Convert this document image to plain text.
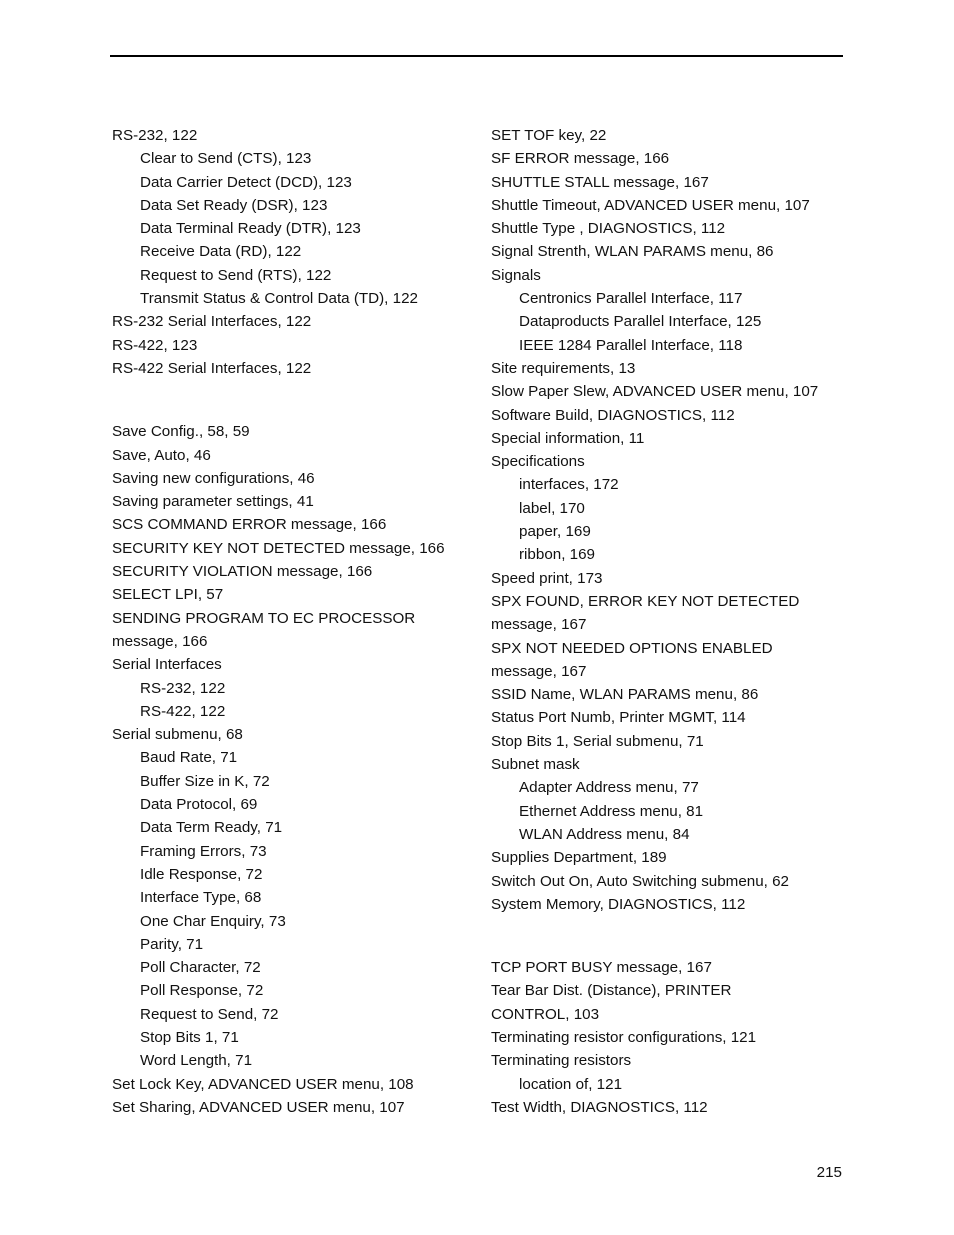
RS-232, 122
Clear to Send (CTS), 123
Data Carrier Detect (DCD), 123
Data Set Ready (DSR), 123
Data Terminal Ready (DTR), 123
Receive Data (RD), 122
Request to Send (RTS), 122
Transmit Status & Control Data (TD), 122
RS-232 Serial Interfaces, 122
RS-422, 123
RS-422 Serial Interfaces, 122
Save Config., 58, 59
Save, Auto, 46
Saving new configurations, 46
Saving parameter settings, 41
SCS COMMAND ERROR message, 166
SECURITY KEY NOT DETECTED message, 166
SECURITY VIOLATION message, 166
SELECT LPI, 57
SENDING PROGRAM TO EC PROCESSOR
message, 166
Serial Interfaces
RS-232, 122
RS-422, 122
Serial submenu, 68
Baud Rate, 71
Buffer Size in K, 72
Data Protocol, 69
Data Term Ready, 71
Framing Errors, 73
Idle Response, 72
Interface Type, 68
One Char Enquiry, 73
Parity, 71
Poll Character, 72
Poll Response, 72
Request to Send, 72
Stop Bits 1, 71
Word Length, 71
Set Lock Key, ADVANCED USER menu, 108
Set Sharing, ADVANCED USER menu, 107
SET TOF key, 22
SF ERROR message, 166
SHUTTLE STALL message, 167
Shuttle Timeout, ADVANCED USER menu, 107
Shuttle Type , DIAGNOSTICS, 112
Signal Strenth, WLAN PARAMS menu, 86
Signals
Centronics Parallel Interface, 117
Dataproducts Parallel Interface, 125
IEEE 1284 Parallel Interface, 118
Site requirements, 13
Slow Paper Slew, ADVANCED USER menu, 107
Software Build, DIAGNOSTICS, 112
Special information, 11
Specifications
interfaces, 172
label, 170
paper, 169
ribbon, 169
Speed print, 173
SPX FOUND, ERROR KEY NOT DETECTED
message, 167
SPX NOT NEEDED OPTIONS ENABLED
message, 167
SSID Name, WLAN PARAMS menu, 86
Status Port Numb, Printer MGMT, 114
Stop Bits 1, Serial submenu, 71
Subnet mask
Adapter Address menu, 77
Ethernet Address menu, 81
WLAN Address menu, 84
Supplies Department, 189
Switch Out On, Auto Switching submenu, 62
System Memory, DIAGNOSTICS, 112
TCP PORT BUSY message, 167
Tear Bar Dist. (Distance), PRINTER
CONTROL, 103
Terminating resistor configurations, 121
Terminating resistors
location of, 121
Test Width, DIAGNOSTICS, 112
215
